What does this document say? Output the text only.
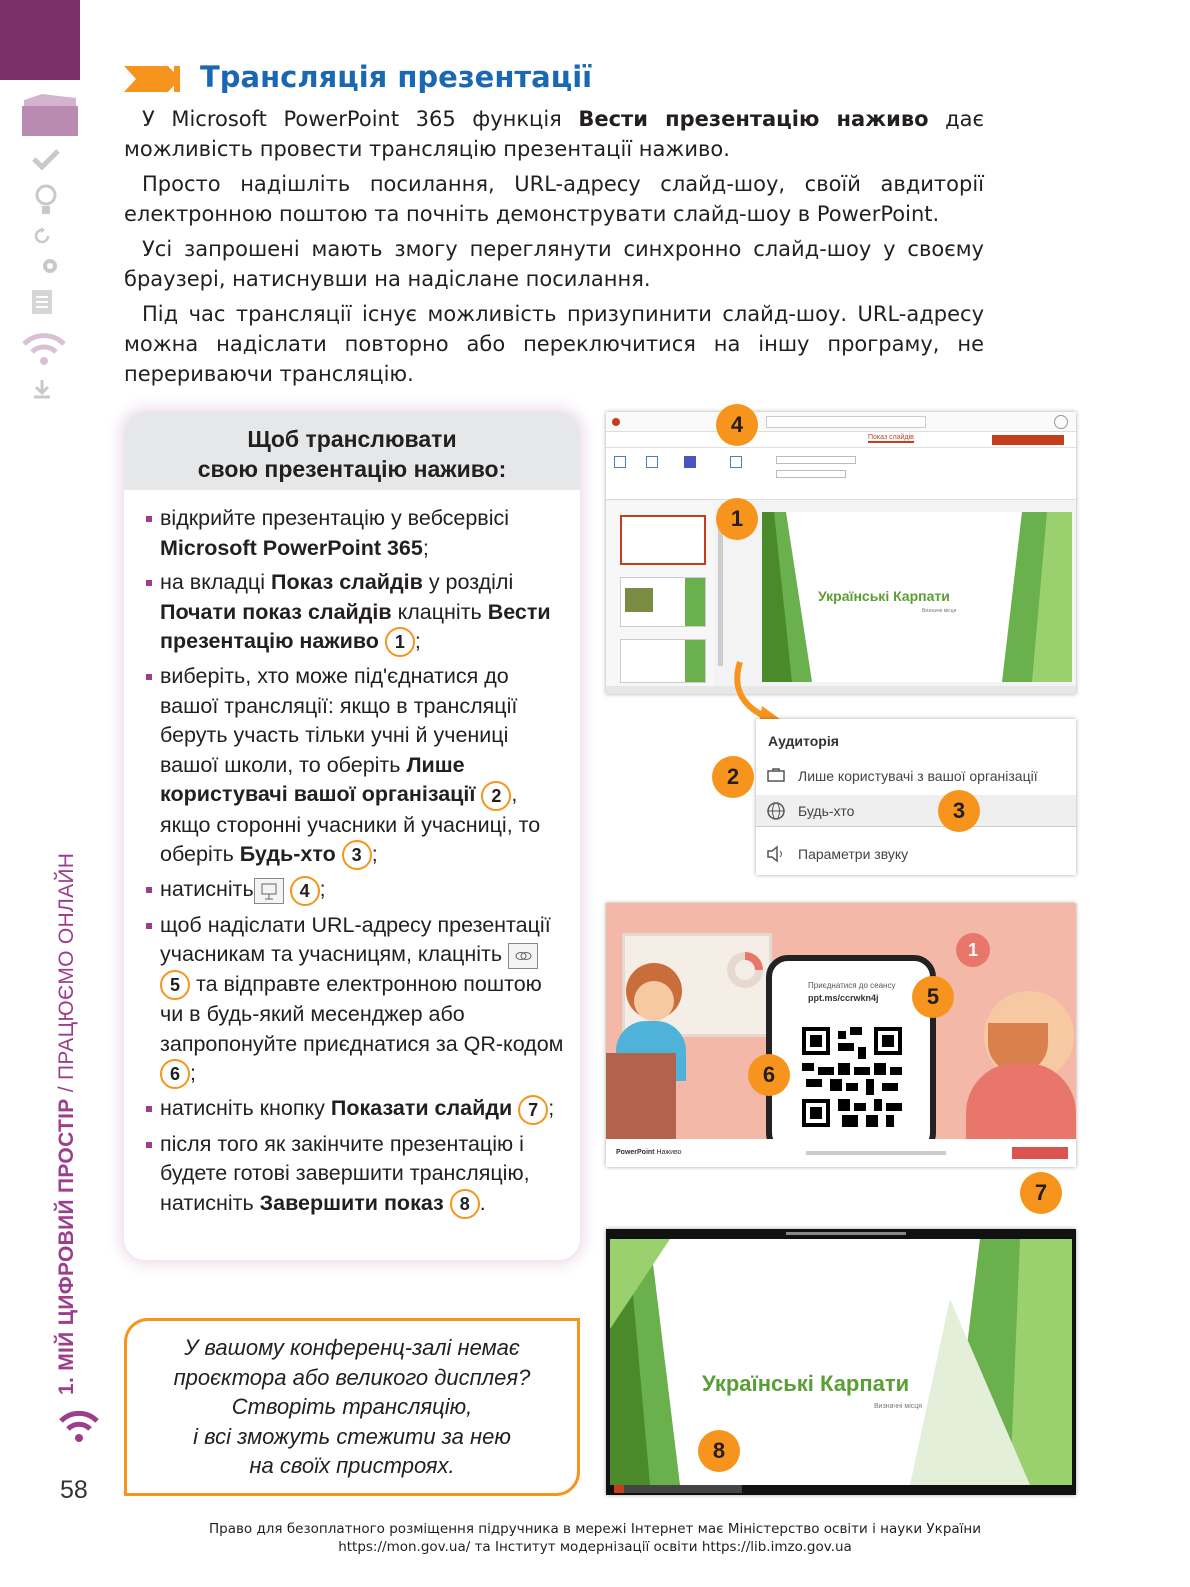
1. МІЙ ЦИФРОВИЙ ПРОСТІР / ПРАЦЮЄМО ОНЛАЙН
58
Трансляція презентації
У Microsoft PowerPoint 365 функція Вести презентацію наживо дає можливість провести трансляцію презентації наживо.
Просто надішліть посилання, URL-адресу слайд-шоу, своїй авдиторії електронною поштою та почніть демонструвати слайд-шоу в PowerPoint.
Усі запрошені мають змогу переглянути синхронно слайд-шоу у своєму браузері, натиснувши на надіслане посилання.
Під час трансляції існує можливість призупинити слайд-шоу. URL-адресу можна надіслати повторно або переключитися на іншу програму, не перериваючи трансляцію.
Щоб транслювати
свою презентацію наживо:
відкрийте презентацію у вебсервісі Microsoft PowerPoint 365;
на вкладці Показ слайдів у розділі Почати показ слайдів клацніть Вести презентацію наживо 1 ;
виберіть, хто може під'єднатися до вашої трансляції: якщо в трансляції беруть участь тільки учні й учениці вашої школи, то оберіть Лише користувачі вашої організації 2 , якщо сторонні учасники й учасниці, то оберіть Будь-хто 3 ;
натисніть	4 ;
щоб надіслати URL-адресу презентації учасникам та учасницям, клацніть  5 та відправте електронною поштою чи в будь-який месенджер або запропонуйте приєднатися за QR-кодом 6 ;
натисніть кнопку Показати слайди 7 ;
після того як закінчите презентацію і будете готові завершити трансляцію, натисніть Завершити показ 8 .
У вашому конференц-залі немає
проєктора або великого дисплея?
Створіть трансляцію,
і всі зможуть стежити за нею
на своїх пристроях.
Показ слайдів
Українські Карпати
Визначні місця
Аудиторія
Лише користувачі з вашої організації
Будь-хто
Параметри звуку
1
Приєднатися до сеансу
ppt.ms/ccrwkn4j
PowerPoint Наживо
Українські Карпати
Визначні місця
4
1
2
3
5
6
7
8
Право для безоплатного розміщення підручника в мережі Інтернет має Міністерство освіти і науки України
https://mon.gov.ua/ та Інститут модернізації освіти https://lib.imzo.gov.ua
